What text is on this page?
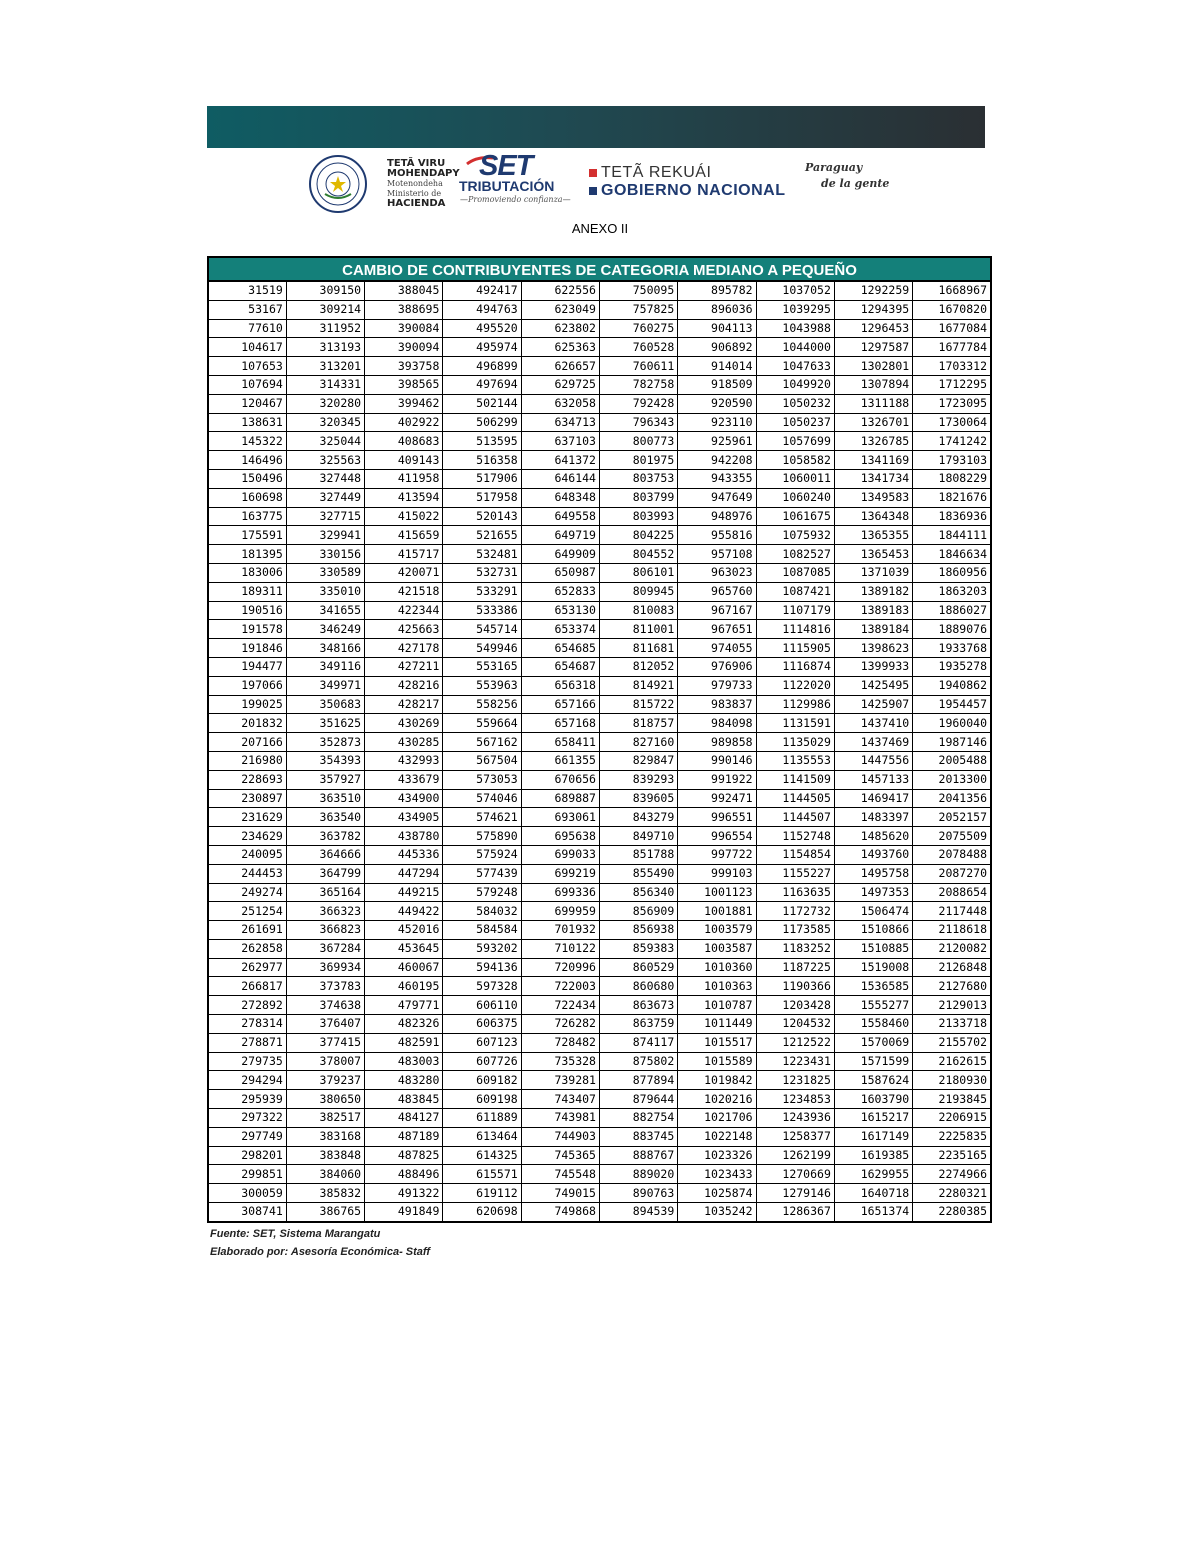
TETÃ VIRU
MOHENDAPY
Motenondeha
Ministerio de
HACIENDA
SET
TRIBUTACIÓN
—Promoviendo confianza—
TETÃ REKUÁI
GOBIERNO NACIONAL
Paraguay
de la gente
ANEXO II
CAMBIO DE CONTRIBUYENTES DE CATEGORIA MEDIANO A PEQUEÑO
31519	309150	388045	492417	622556	750095	895782	1037052	1292259	1668967
53167	309214	388695	494763	623049	757825	896036	1039295	1294395	1670820
77610	311952	390084	495520	623802	760275	904113	1043988	1296453	1677084
104617	313193	390094	495974	625363	760528	906892	1044000	1297587	1677784
107653	313201	393758	496899	626657	760611	914014	1047633	1302801	1703312
107694	314331	398565	497694	629725	782758	918509	1049920	1307894	1712295
120467	320280	399462	502144	632058	792428	920590	1050232	1311188	1723095
138631	320345	402922	506299	634713	796343	923110	1050237	1326701	1730064
145322	325044	408683	513595	637103	800773	925961	1057699	1326785	1741242
146496	325563	409143	516358	641372	801975	942208	1058582	1341169	1793103
150496	327448	411958	517906	646144	803753	943355	1060011	1341734	1808229
160698	327449	413594	517958	648348	803799	947649	1060240	1349583	1821676
163775	327715	415022	520143	649558	803993	948976	1061675	1364348	1836936
175591	329941	415659	521655	649719	804225	955816	1075932	1365355	1844111
181395	330156	415717	532481	649909	804552	957108	1082527	1365453	1846634
183006	330589	420071	532731	650987	806101	963023	1087085	1371039	1860956
189311	335010	421518	533291	652833	809945	965760	1087421	1389182	1863203
190516	341655	422344	533386	653130	810083	967167	1107179	1389183	1886027
191578	346249	425663	545714	653374	811001	967651	1114816	1389184	1889076
191846	348166	427178	549946	654685	811681	974055	1115905	1398623	1933768
194477	349116	427211	553165	654687	812052	976906	1116874	1399933	1935278
197066	349971	428216	553963	656318	814921	979733	1122020	1425495	1940862
199025	350683	428217	558256	657166	815722	983837	1129986	1425907	1954457
201832	351625	430269	559664	657168	818757	984098	1131591	1437410	1960040
207166	352873	430285	567162	658411	827160	989858	1135029	1437469	1987146
216980	354393	432993	567504	661355	829847	990146	1135553	1447556	2005488
228693	357927	433679	573053	670656	839293	991922	1141509	1457133	2013300
230897	363510	434900	574046	689887	839605	992471	1144505	1469417	2041356
231629	363540	434905	574621	693061	843279	996551	1144507	1483397	2052157
234629	363782	438780	575890	695638	849710	996554	1152748	1485620	2075509
240095	364666	445336	575924	699033	851788	997722	1154854	1493760	2078488
244453	364799	447294	577439	699219	855490	999103	1155227	1495758	2087270
249274	365164	449215	579248	699336	856340	1001123	1163635	1497353	2088654
251254	366323	449422	584032	699959	856909	1001881	1172732	1506474	2117448
261691	366823	452016	584584	701932	856938	1003579	1173585	1510866	2118618
262858	367284	453645	593202	710122	859383	1003587	1183252	1510885	2120082
262977	369934	460067	594136	720996	860529	1010360	1187225	1519008	2126848
266817	373783	460195	597328	722003	860680	1010363	1190366	1536585	2127680
272892	374638	479771	606110	722434	863673	1010787	1203428	1555277	2129013
278314	376407	482326	606375	726282	863759	1011449	1204532	1558460	2133718
278871	377415	482591	607123	728482	874117	1015517	1212522	1570069	2155702
279735	378007	483003	607726	735328	875802	1015589	1223431	1571599	2162615
294294	379237	483280	609182	739281	877894	1019842	1231825	1587624	2180930
295939	380650	483845	609198	743407	879644	1020216	1234853	1603790	2193845
297322	382517	484127	611889	743981	882754	1021706	1243936	1615217	2206915
297749	383168	487189	613464	744903	883745	1022148	1258377	1617149	2225835
298201	383848	487825	614325	745365	888767	1023326	1262199	1619385	2235165
299851	384060	488496	615571	745548	889020	1023433	1270669	1629955	2274966
300059	385832	491322	619112	749015	890763	1025874	1279146	1640718	2280321
308741	386765	491849	620698	749868	894539	1035242	1286367	1651374	2280385
Fuente: SET, Sistema Marangatu
Elaborado por: Asesoría Económica- Staff
